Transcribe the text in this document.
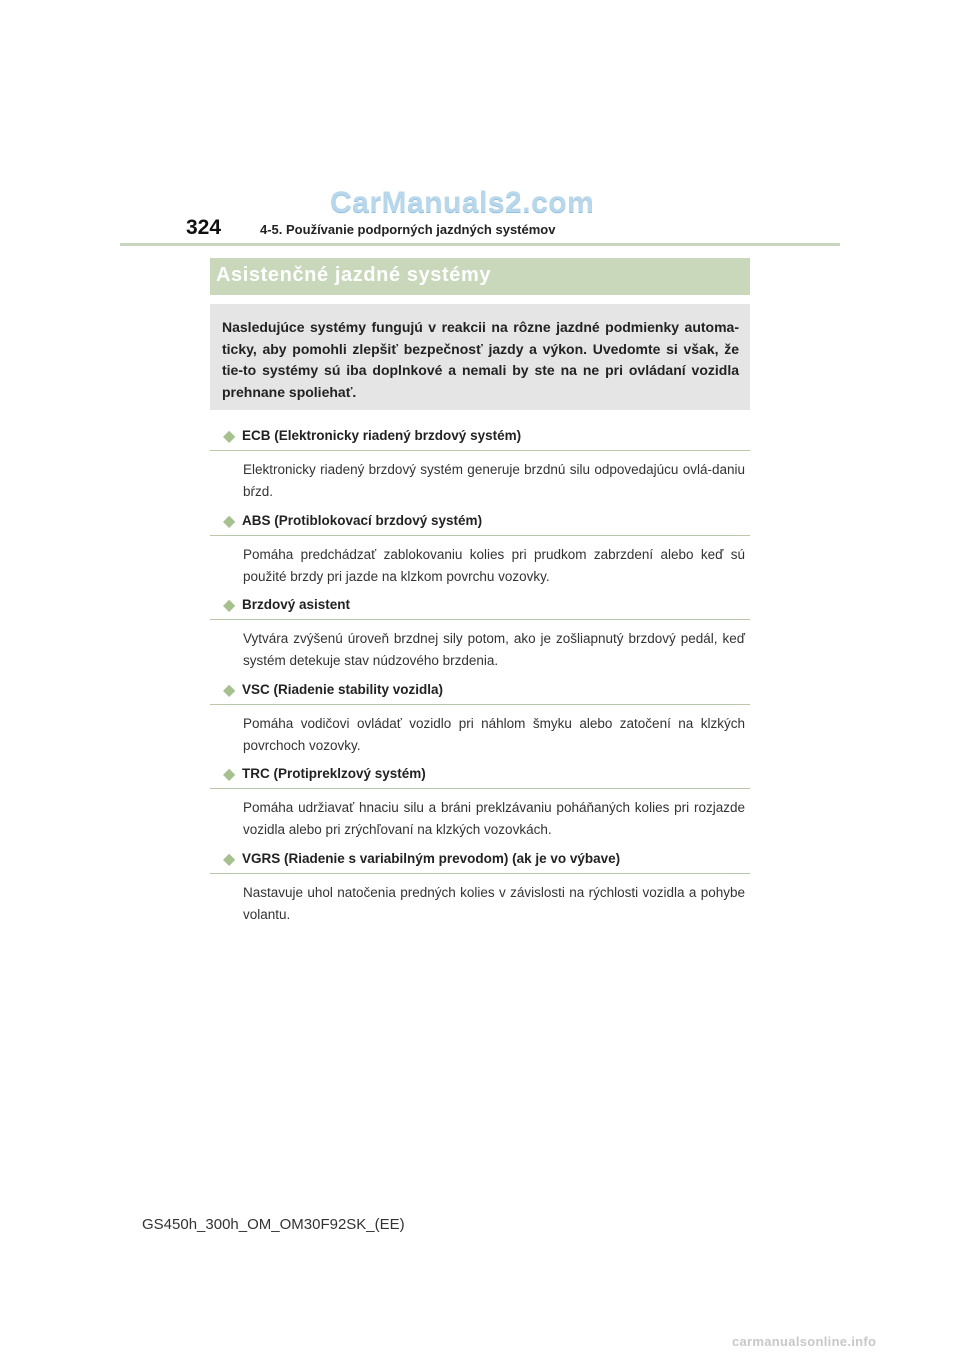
CarManuals2.com
324	4-5. Používanie podporných jazdných systémov
Asistenčné jazdné systémy

Nasledujúce systémy fungujú v reakcii na rôzne jazdné podmienky automa-ticky, aby pomohli zlepšiť bezpečnosť jazdy a výkon. Uvedomte si však, že tie-to systémy sú iba doplnkové a nemali by ste na ne pri ovládaní vozidla prehnane spoliehať.

◆ ECB (Elektronicky riadený brzdový systém)

Elektronicky riadený brzdový systém generuje brzdnú silu odpovedajúcu ovlá-daniu bŕzd.

◆ ABS (Protiblokovací brzdový systém)

Pomáha predchádzať zablokovaniu kolies pri prudkom zabrzdení alebo keď sú použité brzdy pri jazde na klzkom povrchu vozovky.

◆ Brzdový asistent

Vytvára zvýšenú úroveň brzdnej sily potom, ako je zošliapnutý brzdový pedál, keď systém detekuje stav núdzového brzdenia.

◆ VSC (Riadenie stability vozidla)

Pomáha vodičovi ovládať vozidlo pri náhlom šmyku alebo zatočení na klzkých povrchoch vozovky.

◆ TRC (Protipreklzový systém)

Pomáha udržiavať hnaciu silu a bráni preklzávaniu poháňaných kolies pri rozjazde vozidla alebo pri zrýchľovaní na klzkých vozovkách.

◆ VGRS (Riadenie s variabilným prevodom) (ak je vo výbave)

Nastavuje uhol natočenia predných kolies v závislosti na rýchlosti vozidla a pohybe volantu.

GS450h_300h_OM_OM30F92SK_(EE)
carmanualsonline.info
